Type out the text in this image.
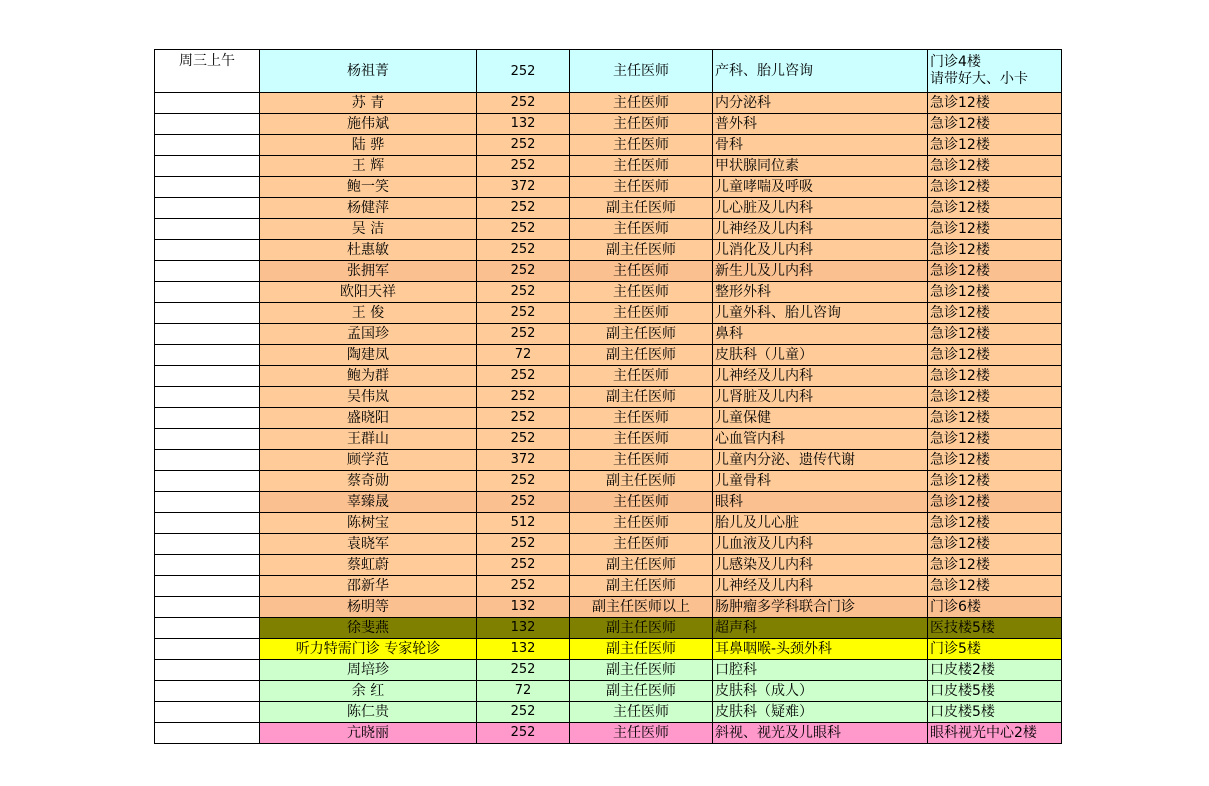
周三上午	杨祖菁	252	主任医师	产科、胎儿咨询	门诊4楼
请带好大、小卡

	苏 青	252	主任医师	内分泌科	急诊12楼
	施伟斌	132	主任医师	普外科	急诊12楼
	陆 骅	252	主任医师	骨科	急诊12楼
	王 辉	252	主任医师	甲状腺同位素	急诊12楼
	鲍一笑	372	主任医师	儿童哮喘及呼吸	急诊12楼
	杨健萍	252	副主任医师	儿心脏及儿内科	急诊12楼
	吴 洁	252	主任医师	儿神经及儿内科	急诊12楼
	杜惠敏	252	副主任医师	儿消化及儿内科	急诊12楼
	张拥军	252	主任医师	新生儿及儿内科	急诊12楼
	欧阳天祥	252	主任医师	整形外科	急诊12楼
	王 俊	252	主任医师	儿童外科、胎儿咨询	急诊12楼
	孟国珍	252	副主任医师	鼻科	急诊12楼
	陶建凤	72	副主任医师	皮肤科（儿童）	急诊12楼
	鲍为群	252	主任医师	儿神经及儿内科	急诊12楼
	吴伟岚	252	副主任医师	儿肾脏及儿内科	急诊12楼
	盛晓阳	252	主任医师	儿童保健	急诊12楼
	王群山	252	主任医师	心血管内科	急诊12楼
	顾学范	372	主任医师	儿童内分泌、遗传代谢	急诊12楼
	蔡奇勋	252	副主任医师	儿童骨科	急诊12楼
	辜臻晟	252	主任医师	眼科	急诊12楼
	陈树宝	512	主任医师	胎儿及儿心脏	急诊12楼
	袁晓军	252	主任医师	儿血液及儿内科	急诊12楼
	蔡虹蔚	252	副主任医师	儿感染及儿内科	急诊12楼
	邵新华	252	副主任医师	儿神经及儿内科	急诊12楼
	杨明等	132	副主任医师以上	肠肿瘤多学科联合门诊	门诊6楼
	徐斐燕	132	副主任医师	超声科	医技楼5楼
	听力特需门诊 专家轮诊	132	副主任医师	耳鼻咽喉-头颈外科	门诊5楼
	周培珍	252	副主任医师	口腔科	口皮楼2楼
	余 红	72	副主任医师	皮肤科（成人）	口皮楼5楼
	陈仁贵	252	主任医师	皮肤科（疑难）	口皮楼5楼
	亢晓丽	252	主任医师	斜视、视光及儿眼科	眼科视光中心2楼
